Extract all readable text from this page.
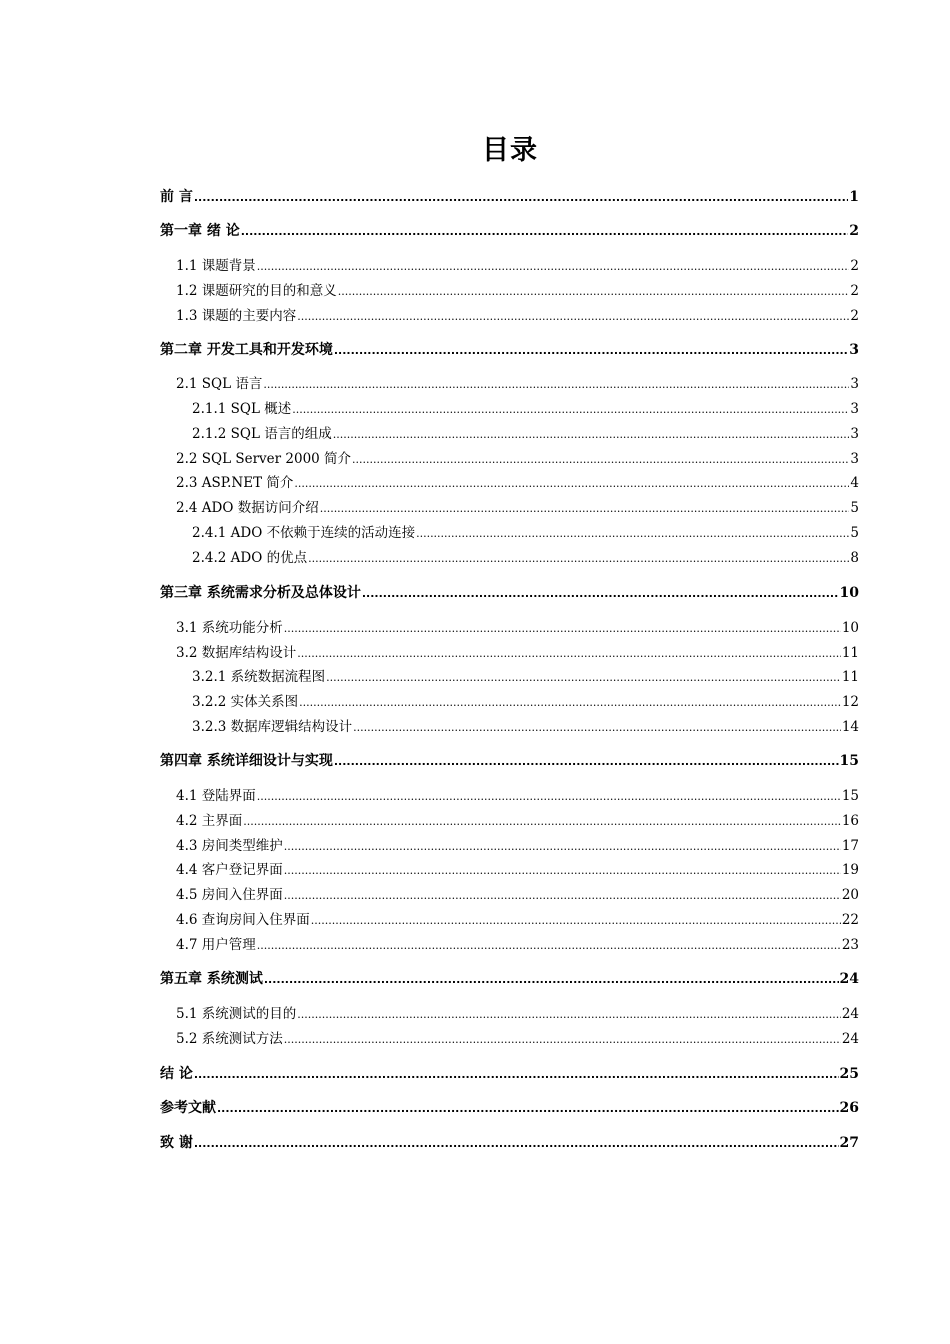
目录
前 言 .....	1
第一章 绪 论 .....	2
1.1 课题背景 .....	2
1.2 课题研究的目的和意义 .....	2
1.3 课题的主要内容 .....	2
第二章 开发工具和开发环境 .....	3
2.1 SQL 语言 .....	3
2.1.1 SQL 概述 .....	3
2.1.2 SQL 语言的组成 .....	3
2.2 SQL Server 2000 简介 .....	3
2.3 ASP.NET 简介 .....	4
2.4 ADO 数据访问介绍 .....	5
2.4.1 ADO 不依赖于连续的活动连接 .....	5
2.4.2 ADO 的优点 .....	8
第三章 系统需求分析及总体设计 .....	10
3.1 系统功能分析 .....	10
3.2 数据库结构设计 .....	11
3.2.1 系统数据流程图 .....	11
3.2.2 实体关系图 .....	12
3.2.3 数据库逻辑结构设计 .....	14
第四章 系统详细设计与实现 .....	15
4.1 登陆界面 .....	15
4.2 主界面 .....	16
4.3 房间类型维护 .....	17
4.4 客户登记界面 .....	19
4.5 房间入住界面 .....	20
4.6 查询房间入住界面 .....	22
4.7 用户管理 .....	23
第五章 系统测试 .....	24
5.1 系统测试的目的 .....	24
5.2 系统测试方法 .....	24
结 论 .....	25
参考文献 .....	26
致 谢 .....	27
